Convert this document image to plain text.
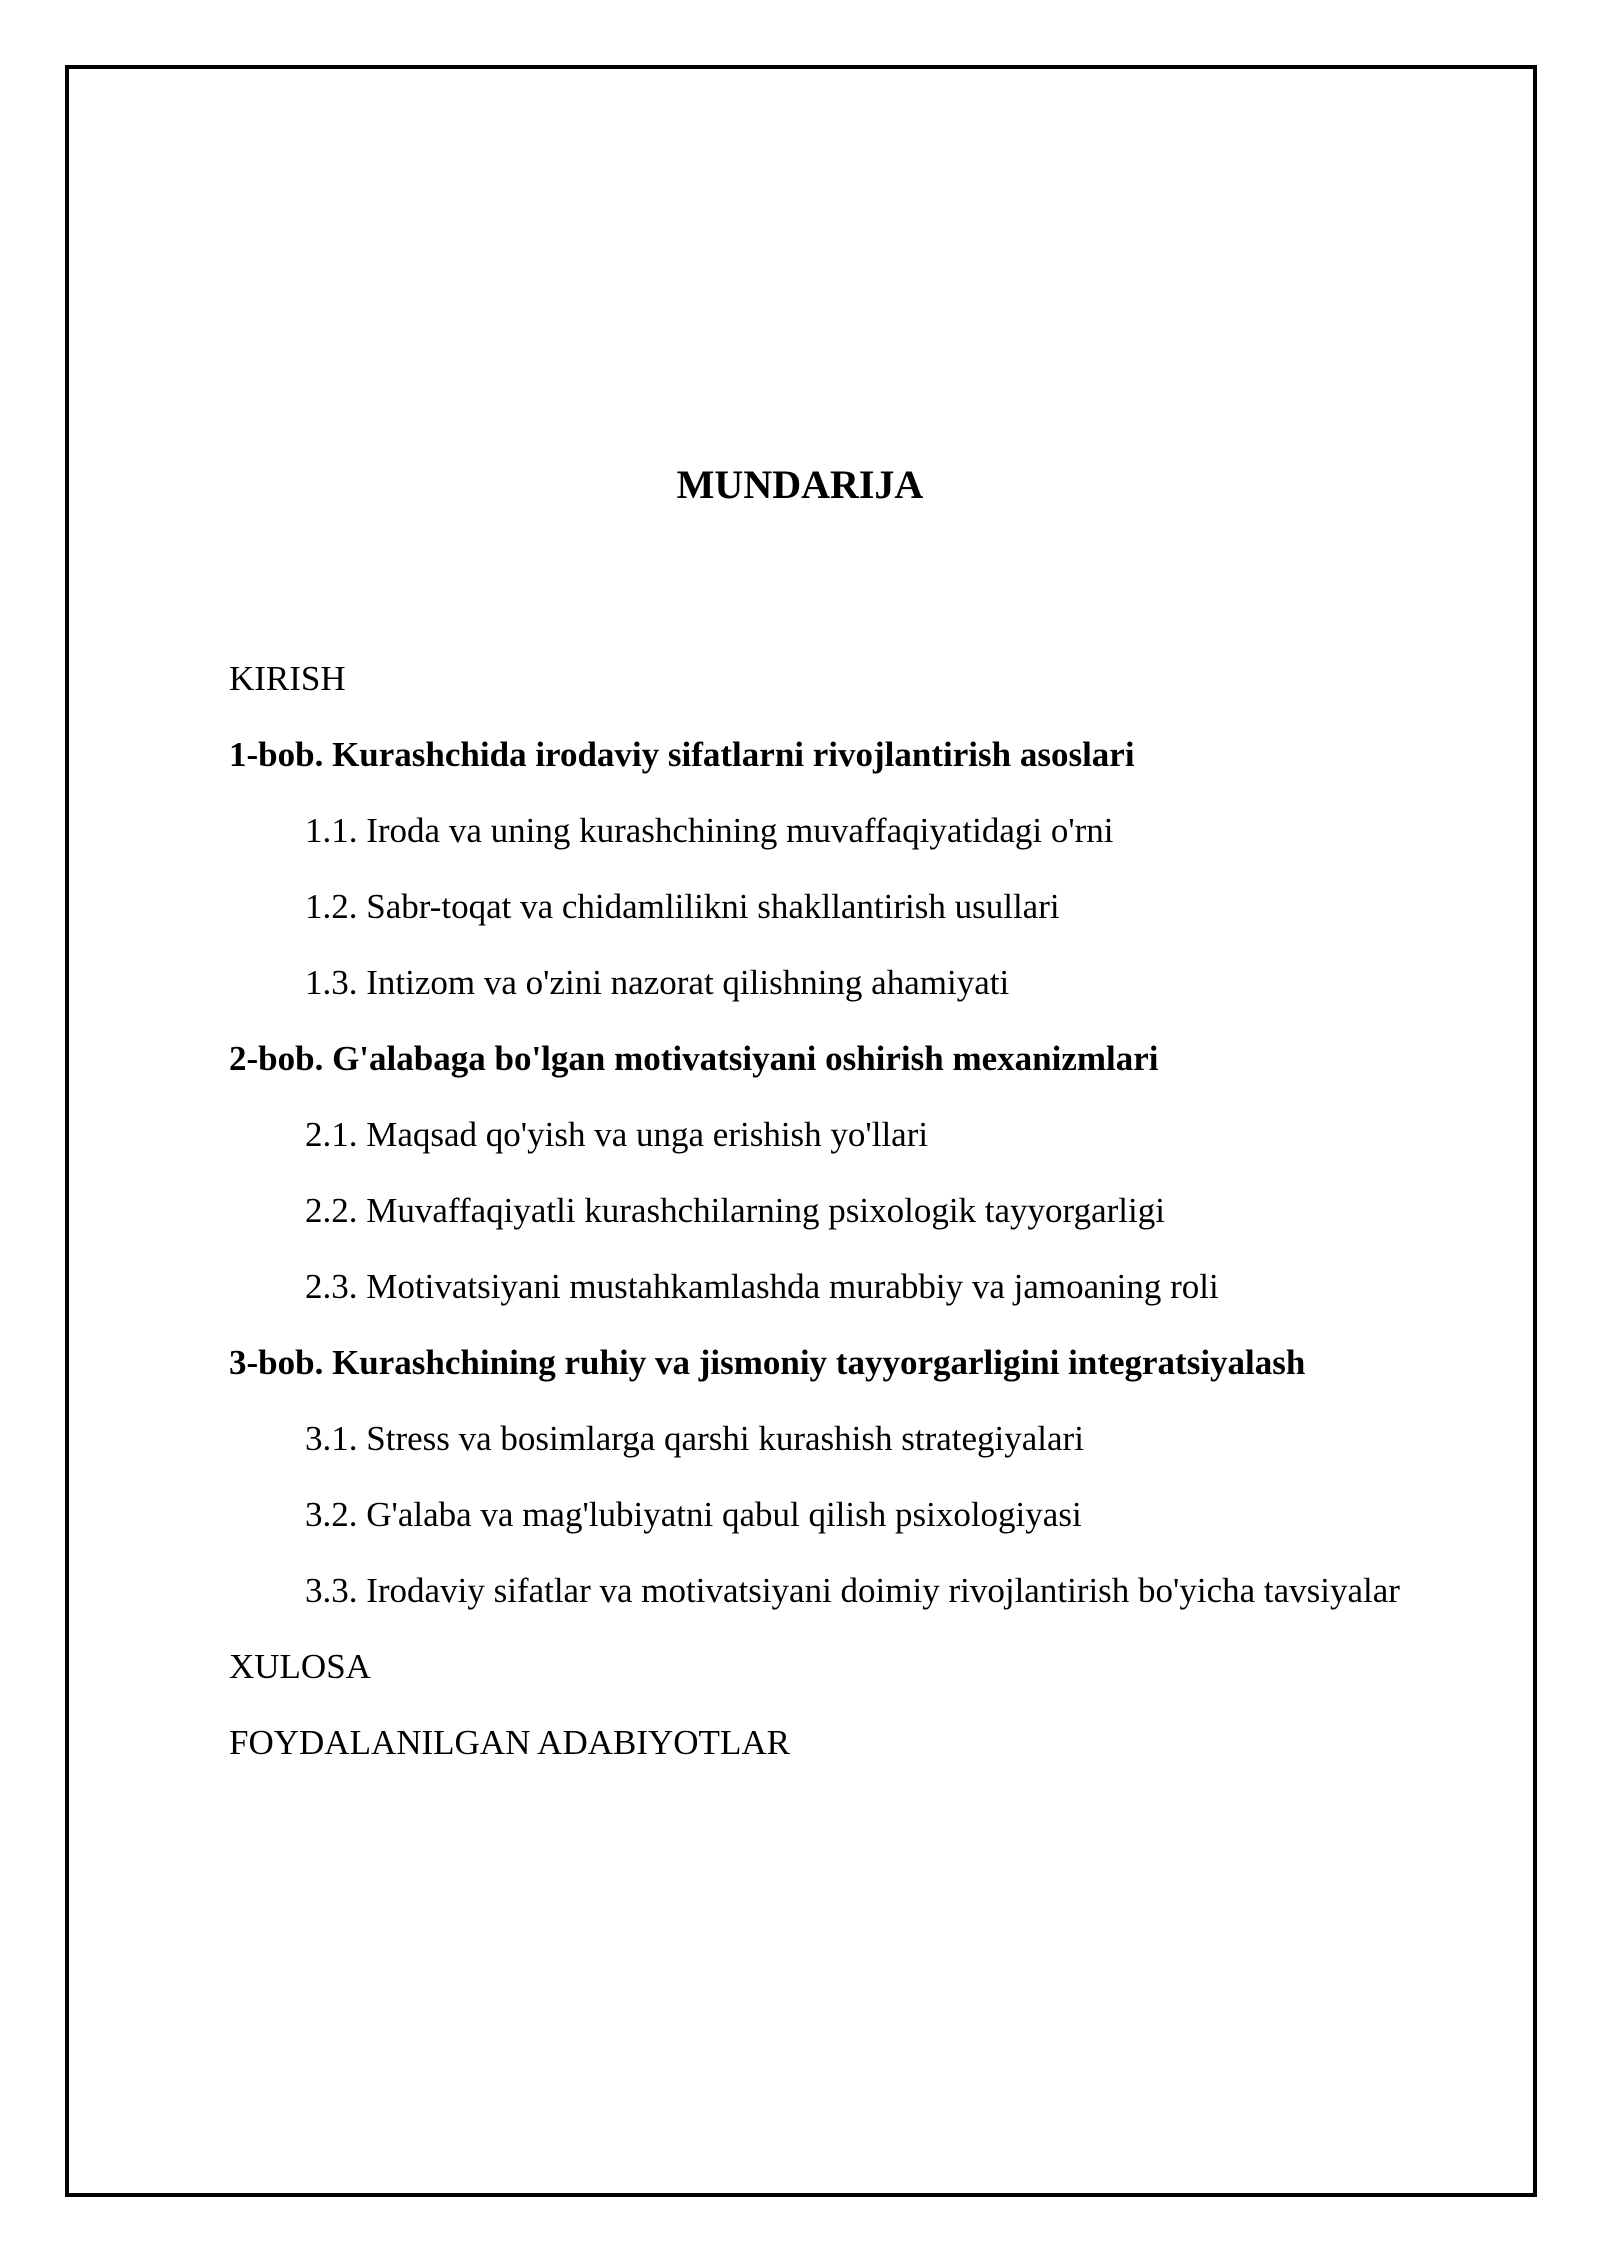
MUNDARIJA
KIRISH
1-bob. Kurashchida irodaviy sifatlarni rivojlantirish asoslari
1.1. Iroda va uning kurashchining muvaffaqiyatidagi o'rni
1.2. Sabr-toqat va chidamlilikni shakllantirish usullari
1.3. Intizom va o'zini nazorat qilishning ahamiyati
2-bob. G'alabaga bo'lgan motivatsiyani oshirish mexanizmlari
2.1. Maqsad qo'yish va unga erishish yo'llari
2.2. Muvaffaqiyatli kurashchilarning psixologik tayyorgarligi
2.3. Motivatsiyani mustahkamlashda murabbiy va jamoaning roli
3-bob. Kurashchining ruhiy va jismoniy tayyorgarligini integratsiyalash
3.1. Stress va bosimlarga qarshi kurashish strategiyalari
3.2. G'alaba va mag'lubiyatni qabul qilish psixologiyasi
3.3. Irodaviy sifatlar va motivatsiyani doimiy rivojlantirish bo'yicha tavsiyalar
XULOSA
FOYDALANILGAN ADABIYOTLAR
